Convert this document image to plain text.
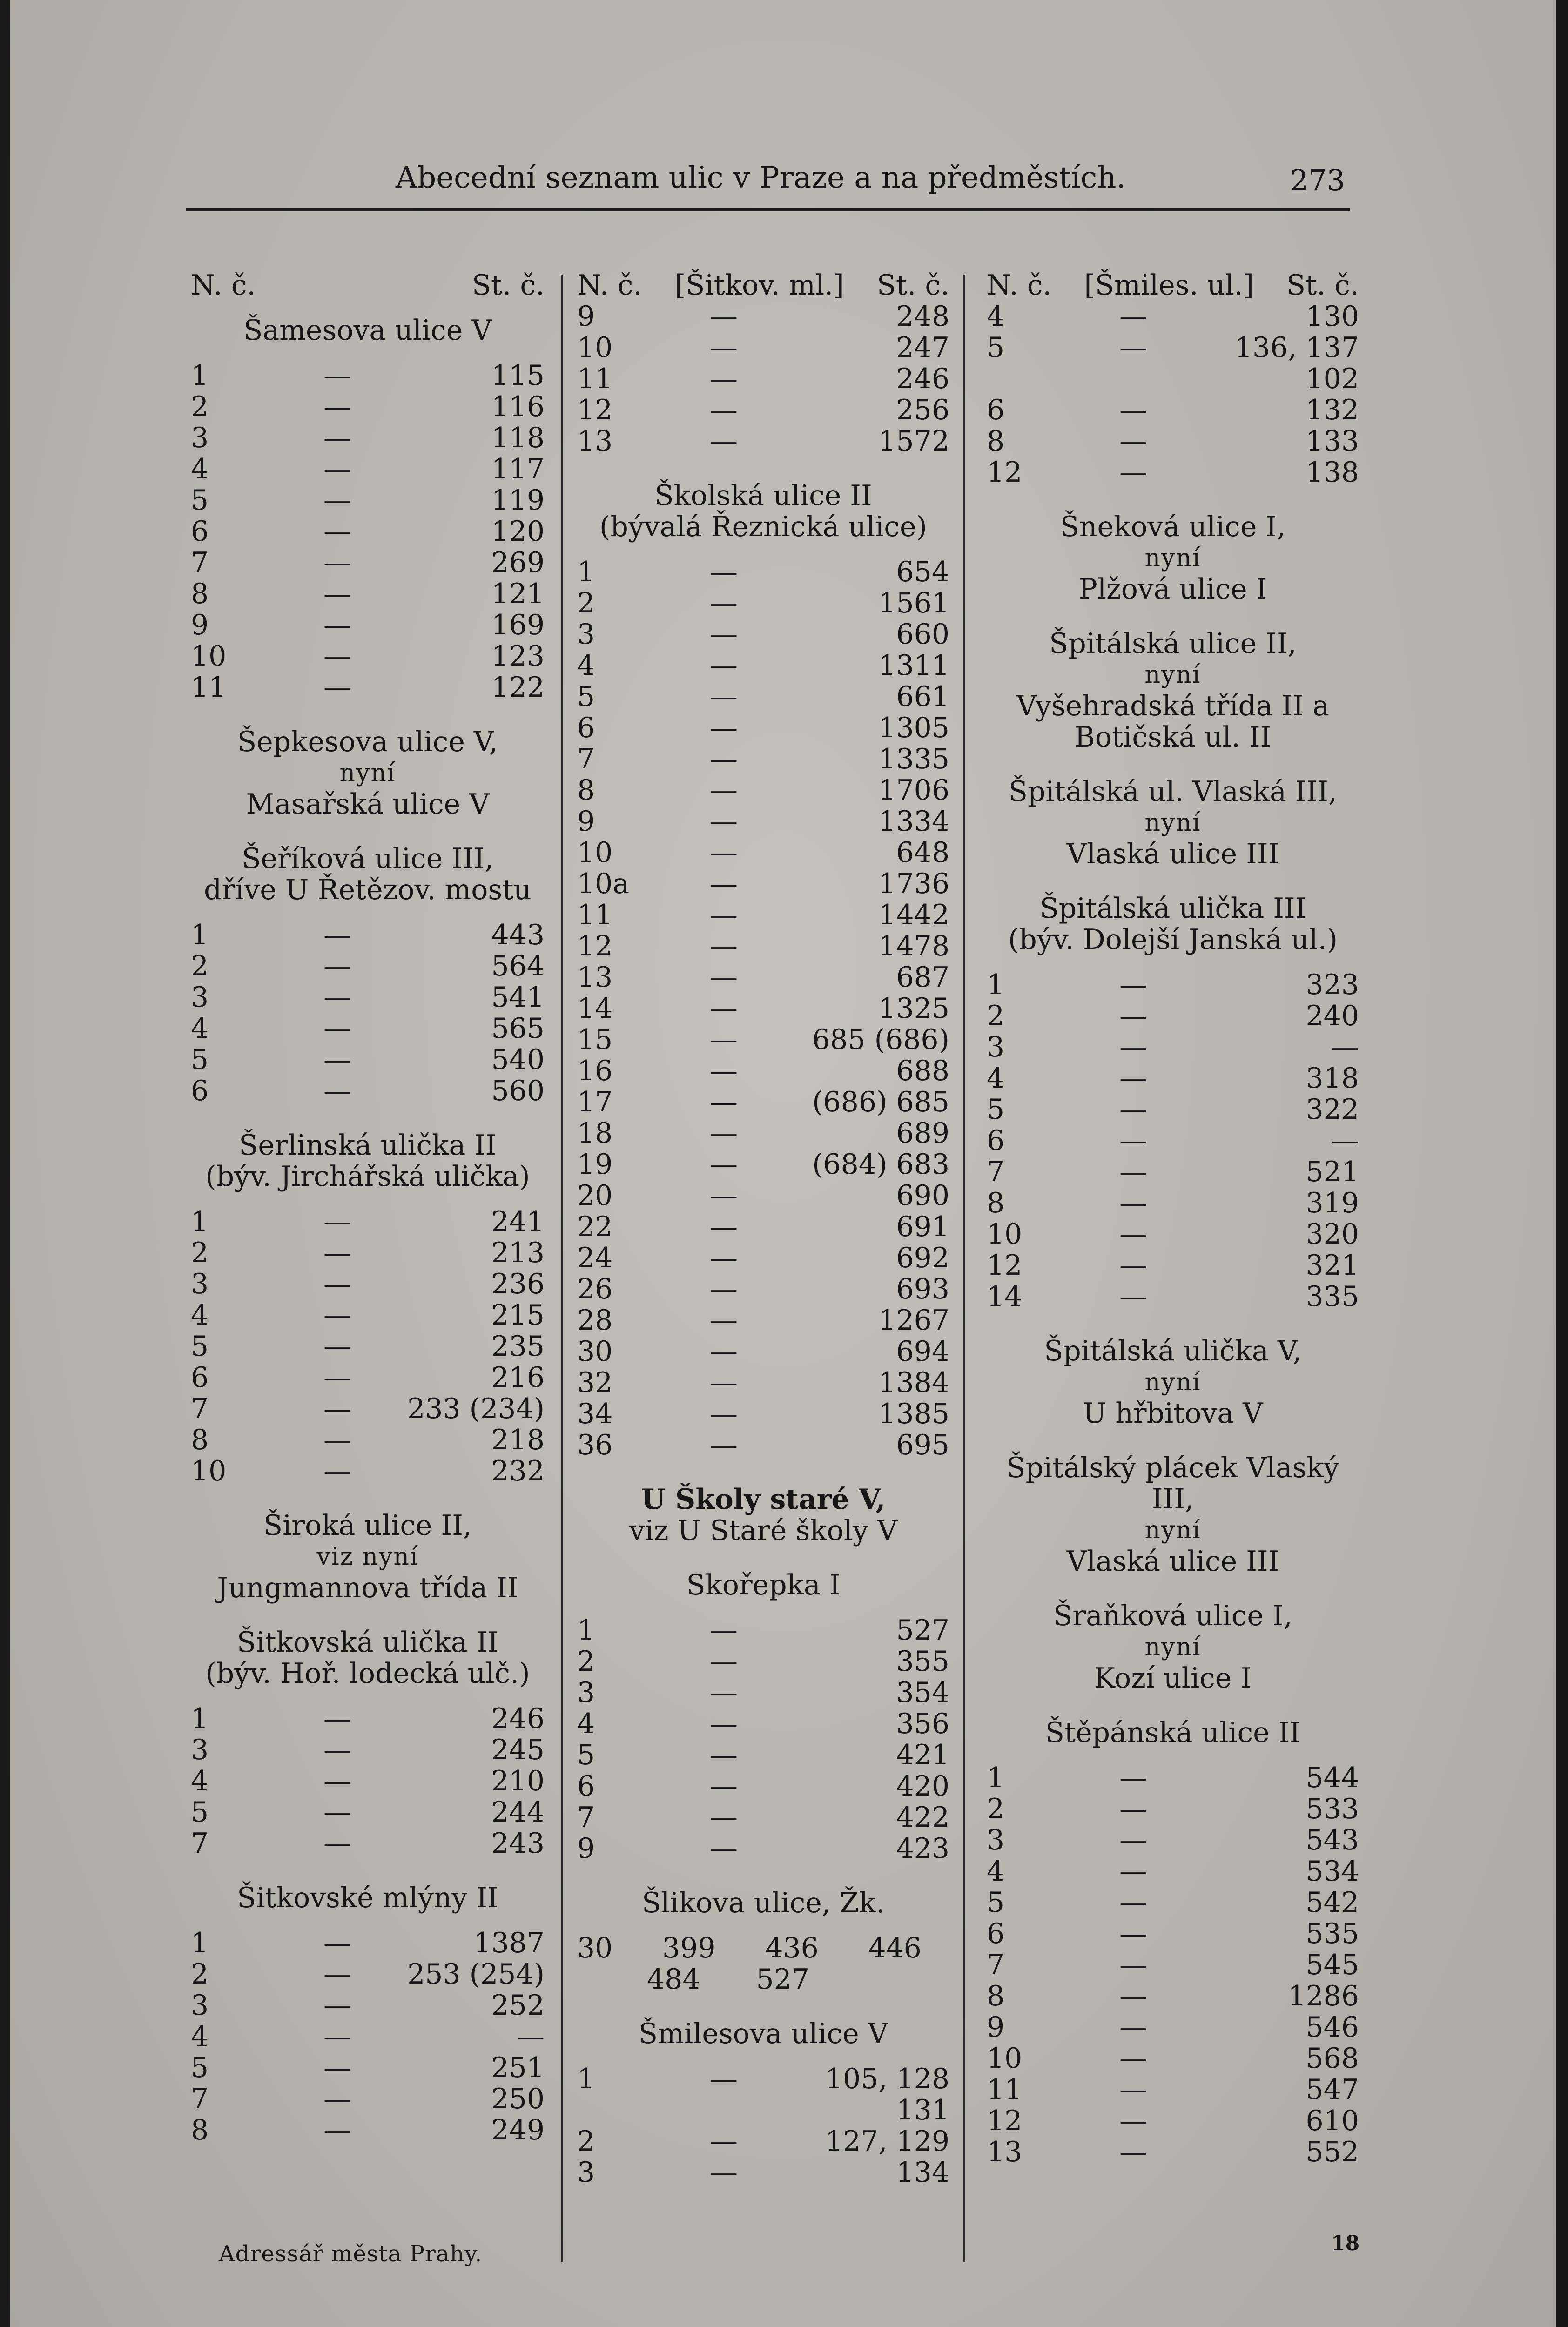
Abecední seznam ulic v Praze a na předměstích.	273
N. č.	St. č.
Šamesova ulice V
1	—	115
2	—	116
3	—	118
4	—	117
5	—	119
6	—	120
7	—	269
8	—	121
9	—	169
10	—	123
11	—	122
Šepkesova ulice V,
nyní
Masařská ulice V
Šeříková ulice III,
dříve U Řetězov. mostu
1	—	443
2	—	564
3	—	541
4	—	565
5	—	540
6	—	560
Šerlinská ulička II
(býv. Jirchářská ulička)
1	—	241
2	—	213
3	—	236
4	—	215
5	—	235
6	—	216
7	—	233 (234)
8	—	218
10	—	232
Široká ulice II,
viz nyní
Jungmannova třída II
Šitkovská ulička II
(býv. Hoř. lodecká ulč.)
1	—	246
3	—	245
4	—	210
5	—	244
7	—	243
Šitkovské mlýny II
1	—	1387
2	—	253 (254)
3	—	252
4	—	—
5	—	251
7	—	250
8	—	249
N. č. [Šitkov. ml.] St. č.
9	—	248
10	—	247
11	—	246
12	—	256
13	—	1572
Školská ulice II
(bývalá Řeznická ulice)
1	—	654
2	—	1561
3	—	660
4	—	1311
5	—	661
6	—	1305
7	—	1335
8	—	1706
9	—	1334
10	—	648
10a	—	1736
11	—	1442
12	—	1478
13	—	687
14	—	1325
15	—	685 (686)
16	—	688
17	—	(686) 685
18	—	689
19	—	(684) 683
20	—	690
22	—	691
24	—	692
26	—	693
28	—	1267
30	—	694
32	—	1384
34	—	1385
36	—	695
U Školy staré V,
viz U Staré školy V
Skořepka I
1	—	527
2	—	355
3	—	354
4	—	356
5	—	421
6	—	420
7	—	422
9	—	423
Šlikova ulice, Žk.
30 399 436 446
484 527
Šmilesova ulice V
1	—	105, 128
131
2	—	127, 129
3	—	134
N. č. [Šmiles. ul.] St. č.
4	—	130
5	—	136, 137
102
6	—	132
8	—	133
12	—	138
Šneková ulice I,
nyní
Plžová ulice I
Špitálská ulice II,
nyní
Vyšehradská třída II a
Botičská ul. II
Špitálská ul. Vlaská III,
nyní
Vlaská ulice III
Špitálská ulička III
(býv. Dolejší Janská ul.)
1	—	323
2	—	240
3	—	—
4	—	318
5	—	322
6	—	—
7	—	521
8	—	319
10	—	320
12	—	321
14	—	335
Špitálská ulička V,
nyní
U hřbitova V
Špitálský plácek Vlaský
III,
nyní
Vlaská ulice III
Šraňková ulice I,
nyní
Kozí ulice I
Štěpánská ulice II
1	—	544
2	—	533
3	—	543
4	—	534
5	—	542
6	—	535
7	—	545
8	—	1286
9	—	546
10	—	568
11	—	547
12	—	610
13	—	552
Adressář města Prahy.	18
